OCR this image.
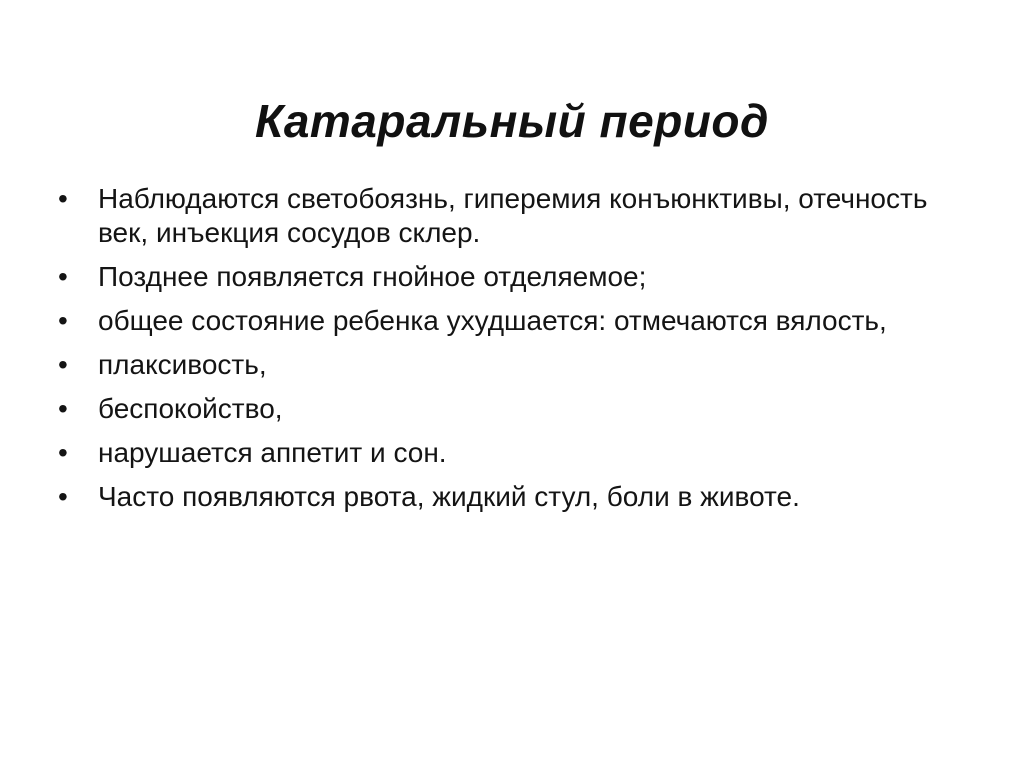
Катаральный период
•	Наблюдаются светобоязнь, гиперемия конъюнктивы, отечность век, инъекция сосудов склер.
•	Позднее появляется гнойное отделяемое;
•	общее состояние ребенка ухудшается: отмечаются вялость,
•	плаксивость,
•	беспокойство,
•	нарушается аппетит и сон.
•	Часто появляются рвота, жидкий стул, боли в животе.
